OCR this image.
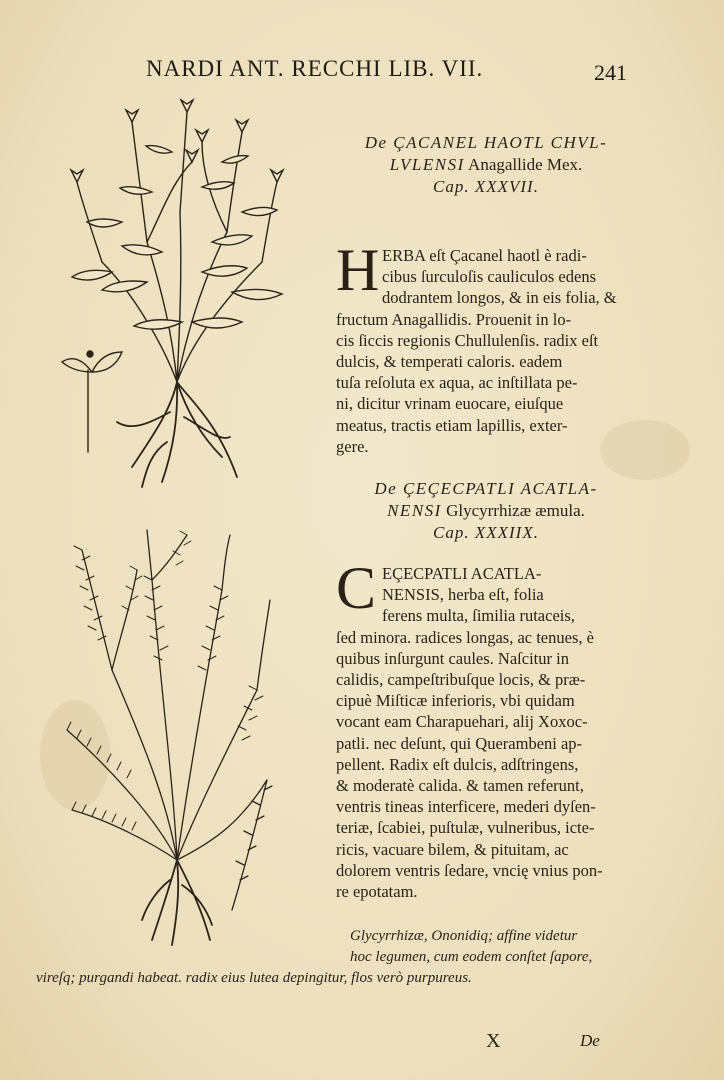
NARDI ANT. RECCHI LIB. VII.	241
De ÇACANEL HAOTL CHVL-
LVLENSI Anagallide Mex.
Cap. XXXVII.
H ERBA eſt Çacanel haotl è radi-
cibus ſurculoſis cauliculos edens
dodrantem longos, & in eis folia, &
fructum Anagallidis. Prouenit in lo-
cis ſiccis regionis Chullulenſis. radix eſt
dulcis, & temperati caloris. eadem
tuſa reſoluta ex aqua, ac inſtillata pe-
ni, dicitur vrinam euocare, eiuſque
meatus, tractis etiam lapillis, exter-
gere.
De ÇEÇECPATLI ACATLA-
NENSI Glycyrrhizæ æmula.
Cap. XXXIIX.
C EÇECPATLI ACATLA-
NENSIS, herba eſt, folia
ferens multa, ſimilia rutaceis,
ſed minora. radices longas, ac tenues, è
quibus inſurgunt caules. Naſcitur in
calidis, campeſtribuſque locis, & præ-
cipuè Miſticæ inferioris, vbi quidam
vocant eam Charapuehari, alij Xoxoc-
patli. nec deſunt, qui Querambeni ap-
pellent. Radix eſt dulcis, adſtringens,
& moderatè calida. & tamen referunt,
ventris tineas interficere, mederi dyſen-
teriæ, ſcabiei, puſtulæ, vulneribus, icte-
ricis, vacuare bilem, & pituitam, ac
dolorem ventris ſedare, vncię vnius pon-
re epotatam.
Glycyrrhizæ, Ononidiq; affine videtur
hoc legumen, cum eodem conſtet ſapore,
vireſq; purgandi habeat. radix eius lutea depingitur, flos verò purpureus.
X	De
